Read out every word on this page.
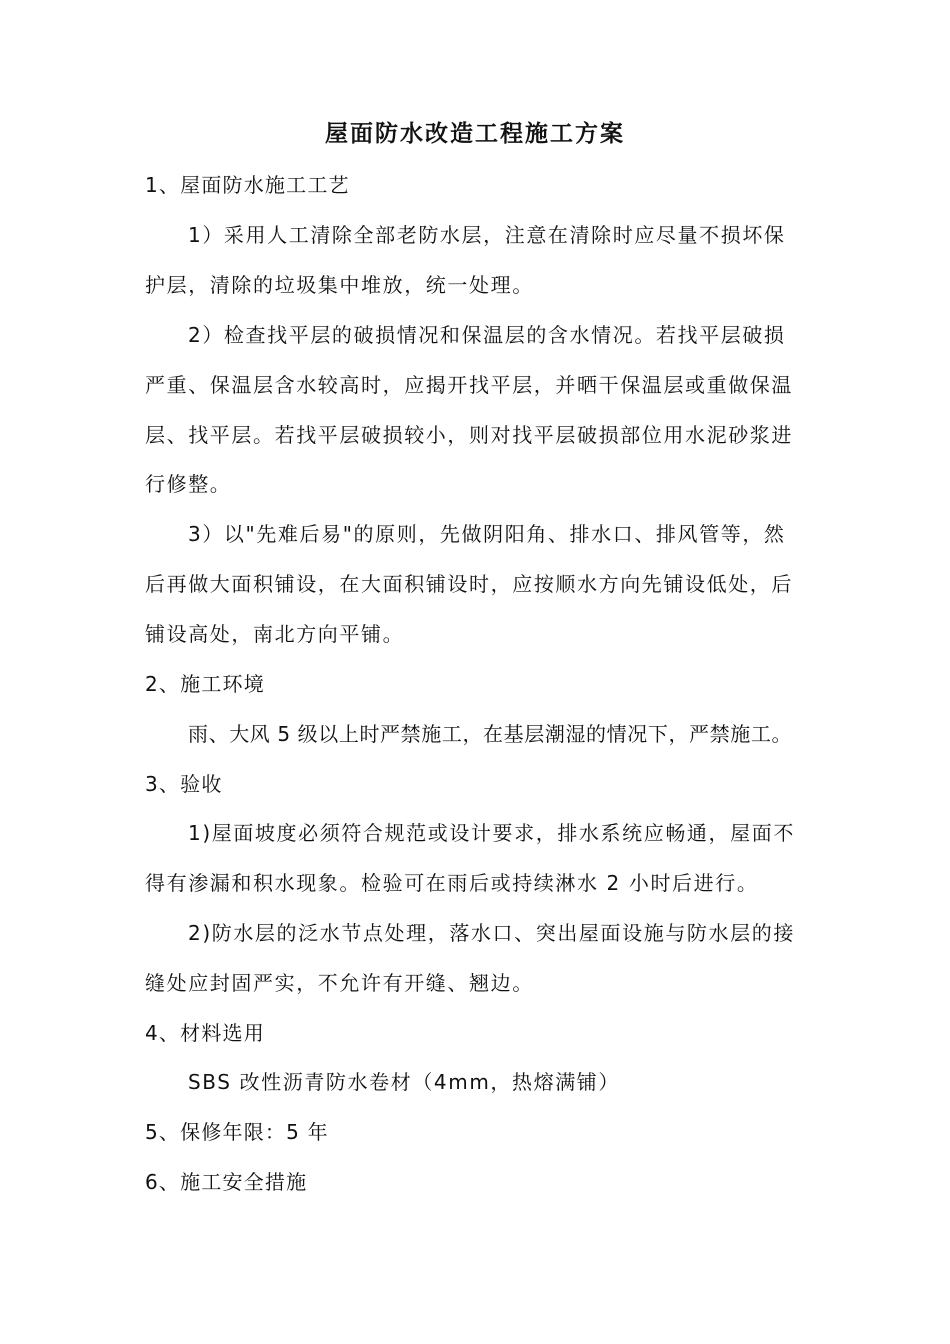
屋面防水改造工程施工方案
1、屋面防水施工工艺
1）采用人工清除全部老防水层，注意在清除时应尽量不损坏保
护层，清除的垃圾集中堆放，统一处理。
2）检查找平层的破损情况和保温层的含水情况。若找平层破损
严重、保温层含水较高时，应揭开找平层，并晒干保温层或重做保温
层、找平层。若找平层破损较小，则对找平层破损部位用水泥砂浆进
行修整。
3）以"先难后易"的原则，先做阴阳角、排水口、排风管等，然
后再做大面积铺设，在大面积铺设时，应按顺水方向先铺设低处，后
铺设高处，南北方向平铺。
2、施工环境
雨、大风 5 级以上时严禁施工，在基层潮湿的情况下，严禁施工。
3、验收
1)屋面坡度必须符合规范或设计要求，排水系统应畅通，屋面不
得有渗漏和积水现象。检验可在雨后或持续淋水 2 小时后进行。
2)防水层的泛水节点处理，落水口、突出屋面设施与防水层的接
缝处应封固严实，不允许有开缝、翘边。
4、材料选用
SBS 改性沥青防水卷材（4mm，热熔满铺）
5、保修年限：5 年
6、施工安全措施
